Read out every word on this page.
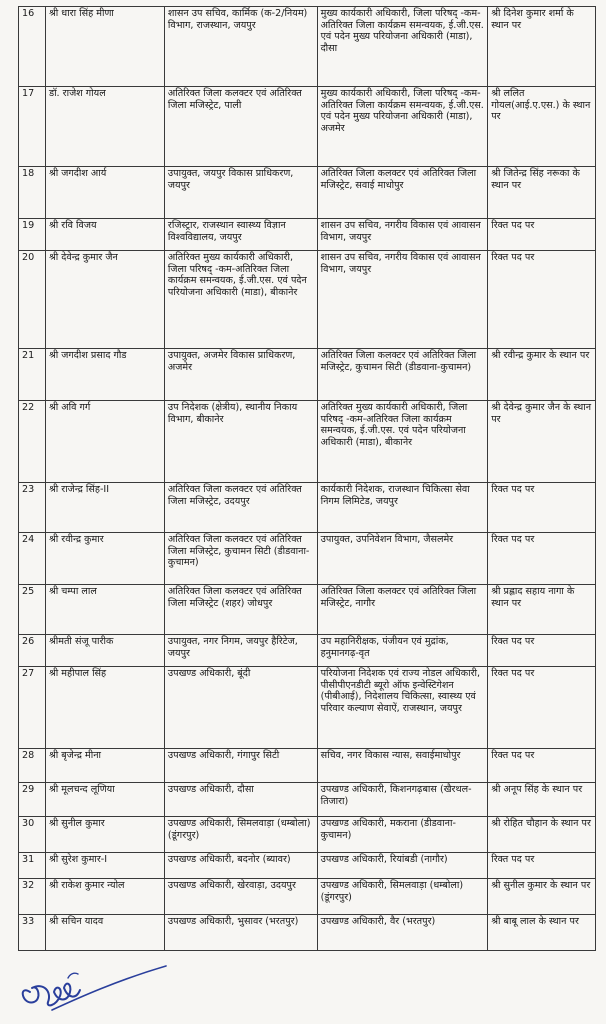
16	श्री धारा सिंह मीणा	शासन उप सचिव, कार्मिक (क-2/नियम) विभाग, राजस्थान, जयपुर	मुख्य कार्यकारी अधिकारी, जिला परिषद् -कम- अतिरिक्त जिला कार्यक्रम समन्वयक, ई.जी.एस. एवं पदेन मुख्य परियोजना अधिकारी (माडा), दौसा	श्री दिनेश कुमार शर्मा के स्थान पर
17	डॉ. राजेश गोयल	अतिरिक्त जिला कलक्टर एवं अतिरिक्त जिला मजिस्ट्रेट, पाली	मुख्य कार्यकारी अधिकारी, जिला परिषद् -कम- अतिरिक्त जिला कार्यक्रम समन्वयक, ई.जी.एस. एवं पदेन मुख्य परियोजना अधिकारी (माडा), अजमेर	श्री ललित गोयल(आई.ए.एस.) के स्थान पर
18	श्री जगदीश आर्य	उपायुक्त, जयपुर विकास प्राधिकरण, जयपुर	अतिरिक्त जिला कलक्टर एवं अतिरिक्त जिला मजिस्ट्रेट, सवाई माधोपुर	श्री जितेन्द्र सिंह नरूका के स्थान पर
19	श्री रवि विजय	रजिस्ट्रार, राजस्थान स्वास्थ्य विज्ञान विश्वविद्यालय, जयपुर	शासन उप सचिव, नगरीय विकास एवं आवासन विभाग, जयपुर	रिक्त पद पर
20	श्री देवेन्द्र कुमार जैन	अतिरिक्त मुख्य कार्यकारी अधिकारी, जिला परिषद् -कम-अतिरिक्त जिला कार्यक्रम समन्वयक, ई.जी.एस. एवं पदेन परियोजना अधिकारी (माडा), बीकानेर	शासन उप सचिव, नगरीय विकास एवं आवासन विभाग, जयपुर	रिक्त पद पर
21	श्री जगदीश प्रसाद गौड	उपायुक्त, अजमेर विकास प्राधिकरण, अजमेर	अतिरिक्त जिला कलक्टर एवं अतिरिक्त जिला मजिस्ट्रेट, कुचामन सिटी (डीडवाना-कुचामन)	श्री रवीन्द्र कुमार के स्थान पर
22	श्री अवि गर्ग	उप निदेशक (क्षेत्रीय), स्थानीय निकाय विभाग, बीकानेर	अतिरिक्त मुख्य कार्यकारी अधिकारी, जिला परिषद् -कम-अतिरिक्त जिला कार्यक्रम समन्वयक, ई.जी.एस. एवं पदेन परियोजना अधिकारी (माडा), बीकानेर	श्री देवेन्द्र कुमार जैन के स्थान पर
23	श्री राजेन्द्र सिंह-II	अतिरिक्त जिला कलक्टर एवं अतिरिक्त जिला मजिस्ट्रेट, उदयपुर	कार्यकारी निदेशक, राजस्थान चिकित्सा सेवा निगम लिमिटेड, जयपुर	रिक्त पद पर
24	श्री रवीन्द्र कुमार	अतिरिक्त जिला कलक्टर एवं अतिरिक्त जिला मजिस्ट्रेट, कुचामन सिटी (डीडवाना-कुचामन)	उपायुक्त, उपनिवेशन विभाग, जैसलमेर	रिक्त पद पर
25	श्री चम्पा लाल	अतिरिक्त जिला कलक्टर एवं अतिरिक्त जिला मजिस्ट्रेट (शहर) जोधपुर	अतिरिक्त जिला कलक्टर एवं अतिरिक्त जिला मजिस्ट्रेट, नागौर	श्री प्रह्लाद सहाय नागा के स्थान पर
26	श्रीमती संजू पारीक	उपायुक्त, नगर निगम, जयपुर हैरिटेज, जयपुर	उप महानिरीक्षक, पंजीयन एवं मुद्रांक, हनुमानगढ़-वृत	रिक्त पद पर
27	श्री महीपाल सिंह	उपखण्ड अधिकारी, बूंदी	परियोजना निदेशक एवं राज्य नोडल अधिकारी, पीसीपीएनडीटी ब्यूरो ऑफ इन्वेस्टिगेशन (पीबीआई), निदेशालय चिकित्सा, स्वास्थ्य एवं परिवार कल्याण सेवाऐं, राजस्थान, जयपुर	रिक्त पद पर
28	श्री बृजेन्द्र मीना	उपखण्ड अधिकारी, गंगापुर सिटी	सचिव, नगर विकास न्यास, सवाईमाधोपुर	रिक्त पद पर
29	श्री मूलचन्द लूणिया	उपखण्ड अधिकारी, दौसा	उपखण्ड अधिकारी, किशनगढ़बास (खैरथल-तिजारा)	श्री अनूप सिंह के स्थान पर
30	श्री सुनील कुमार	उपखण्ड अधिकारी, सिमलवाड़ा (धम्बोला) (डूंगरपुर)	उपखण्ड अधिकारी, मकराना (डीडवाना-कुचामन)	श्री रोहित चौहान के स्थान पर
31	श्री सुरेश कुमार-I	उपखण्ड अधिकारी, बदनोर (ब्यावर)	उपखण्ड अधिकारी, रियांबडी (नागौर)	रिक्त पद पर
32	श्री राकेश कुमार न्योल	उपखण्ड अधिकारी, खेरवाड़ा, उदयपुर	उपखण्ड अधिकारी, सिमलवाड़ा (धम्बोला) (डूंगरपुर)	श्री सुनील कुमार के स्थान पर
33	श्री सचिन यादव	उपखण्ड अधिकारी, भुसावर (भरतपुर)	उपखण्ड अधिकारी, वैर (भरतपुर)	श्री बाबू लाल के स्थान पर
